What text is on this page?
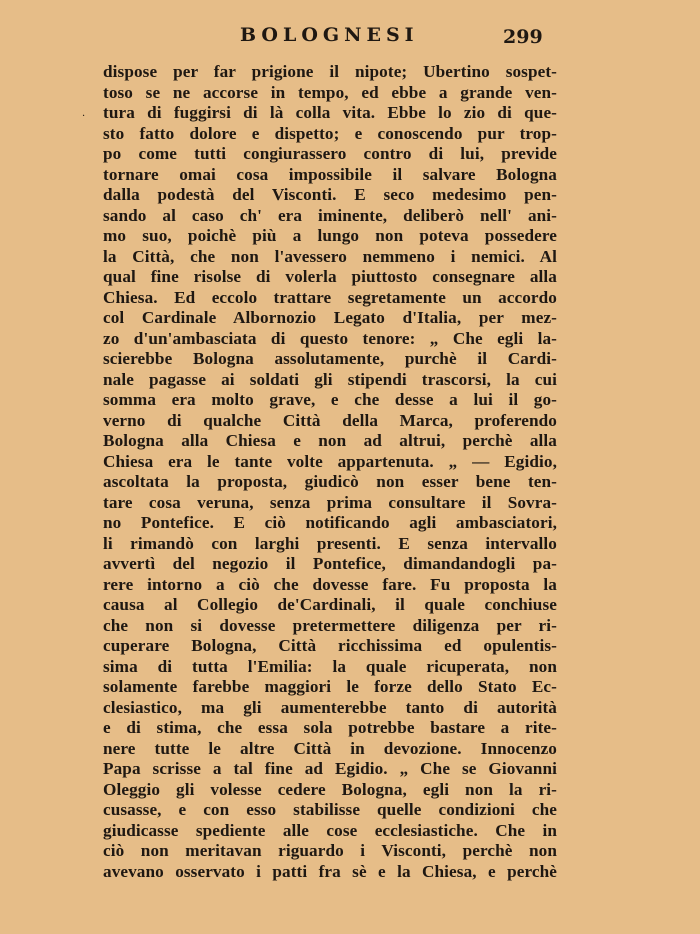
BOLOGNESI	299
·
dispose per far prigione il nipote; Ubertino sospet-
toso se ne accorse in tempo, ed ebbe a grande ven-
tura di fuggirsi di là colla vita. Ebbe lo zio di que-
sto fatto dolore e dispetto; e conoscendo pur trop-
po come tutti congiurassero contro di lui, previde
tornare omai cosa impossibile il salvare Bologna
dalla podestà del Visconti. E seco medesimo pen-
sando al caso ch' era iminente, deliberò nell' ani-
mo suo, poichè più a lungo non poteva possedere
la Città, che non l'avessero nemmeno i nemici. Al
qual fine risolse di volerla piuttosto consegnare alla
Chiesa. Ed eccolo trattare segretamente un accordo
col Cardinale Albornozio Legato d'Italia, per mez-
zo d'un'ambasciata di questo tenore: „ Che egli la-
scierebbe Bologna assolutamente, purchè il Cardi-
nale pagasse ai soldati gli stipendi trascorsi, la cui
somma era molto grave, e che desse a lui il go-
verno di qualche Città della Marca, proferendo
Bologna alla Chiesa e non ad altrui, perchè alla
Chiesa era le tante volte appartenuta. „ — Egidio,
ascoltata la proposta, giudicò non esser bene ten-
tare cosa veruna, senza prima consultare il Sovra-
no Pontefice. E ciò notificando agli ambasciatori,
li rimandò con larghi presenti. E senza intervallo
avvertì del negozio il Pontefice, dimandandogli pa-
rere intorno a ciò che dovesse fare. Fu proposta la
causa al Collegio de'Cardinali, il quale conchiuse
che non si dovesse pretermettere diligenza per ri-
cuperare Bologna, Città ricchissima ed opulentis-
sima di tutta l'Emilia: la quale ricuperata, non
solamente farebbe maggiori le forze dello Stato Ec-
clesiastico, ma gli aumenterebbe tanto di autorità
e di stima, che essa sola potrebbe bastare a rite-
nere tutte le altre Città in devozione. Innocenzo
Papa scrisse a tal fine ad Egidio. „ Che se Giovanni
Oleggio gli volesse cedere Bologna, egli non la ri-
cusasse, e con esso stabilisse quelle condizioni che
giudicasse spediente alle cose ecclesiastiche. Che in
ciò non meritavan riguardo i Visconti, perchè non
avevano osservato i patti fra sè e la Chiesa, e perchè
